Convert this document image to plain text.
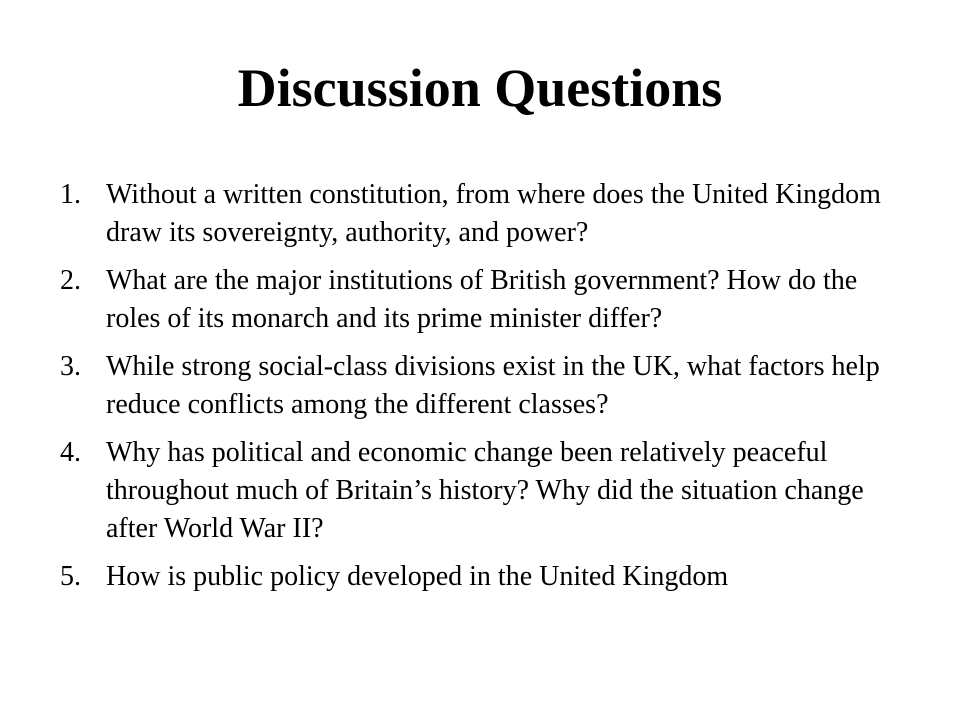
Discussion Questions
1. Without a written constitution, from where does the United Kingdom draw its sovereignty, authority, and power?
2. What are the major institutions of British government? How do the roles of its monarch and its prime minister differ?
3. While strong social-class divisions exist in the UK, what factors help reduce conflicts among the different classes?
4. Why has political and economic change been relatively peaceful throughout much of Britain’s history? Why did the situation change after World War II?
5. How is public policy developed in the United Kingdom
